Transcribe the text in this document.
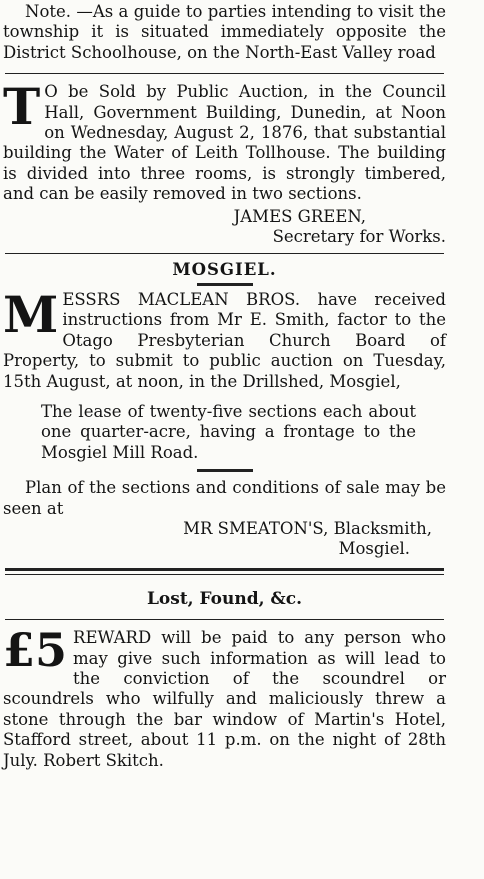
Note. —As a guide to parties intending to visit the township it is situated immediately opposite the District Schoolhouse, on the North-East Valley road

T O be Sold by Public Auction, in the Council Hall, Government Building, Dunedin, at Noon on Wednesday, August 2, 1876, that substantial building the Water of Leith Tollhouse. The building is divided into three rooms, is strongly timbered, and can be easily removed in two sections.

JAMES GREEN,

Secretary for Works.

MOSGIEL.

M ESSRS MACLEAN BROS. have received instructions from Mr E. Smith, factor to the Otago Presbyterian Church Board of Property, to submit to public auction on Tuesday, 15th August, at noon, in the Drillshed, Mosgiel,

The lease of twenty-five sections each about one quarter-acre, having a frontage to the Mosgiel Mill Road.

Plan of the sections and conditions of sale may be seen at

MR SMEATON'S, Blacksmith,

Mosgiel.

Lost, Found, &c.

£5 REWARD will be paid to any person who may give such information as will lead to the conviction of the scoundrel or scoundrels who wilfully and maliciously threw a stone through the bar window of Martin's Hotel, Stafford street, about 11 p.m. on the night of 28th July. Robert Skitch.
